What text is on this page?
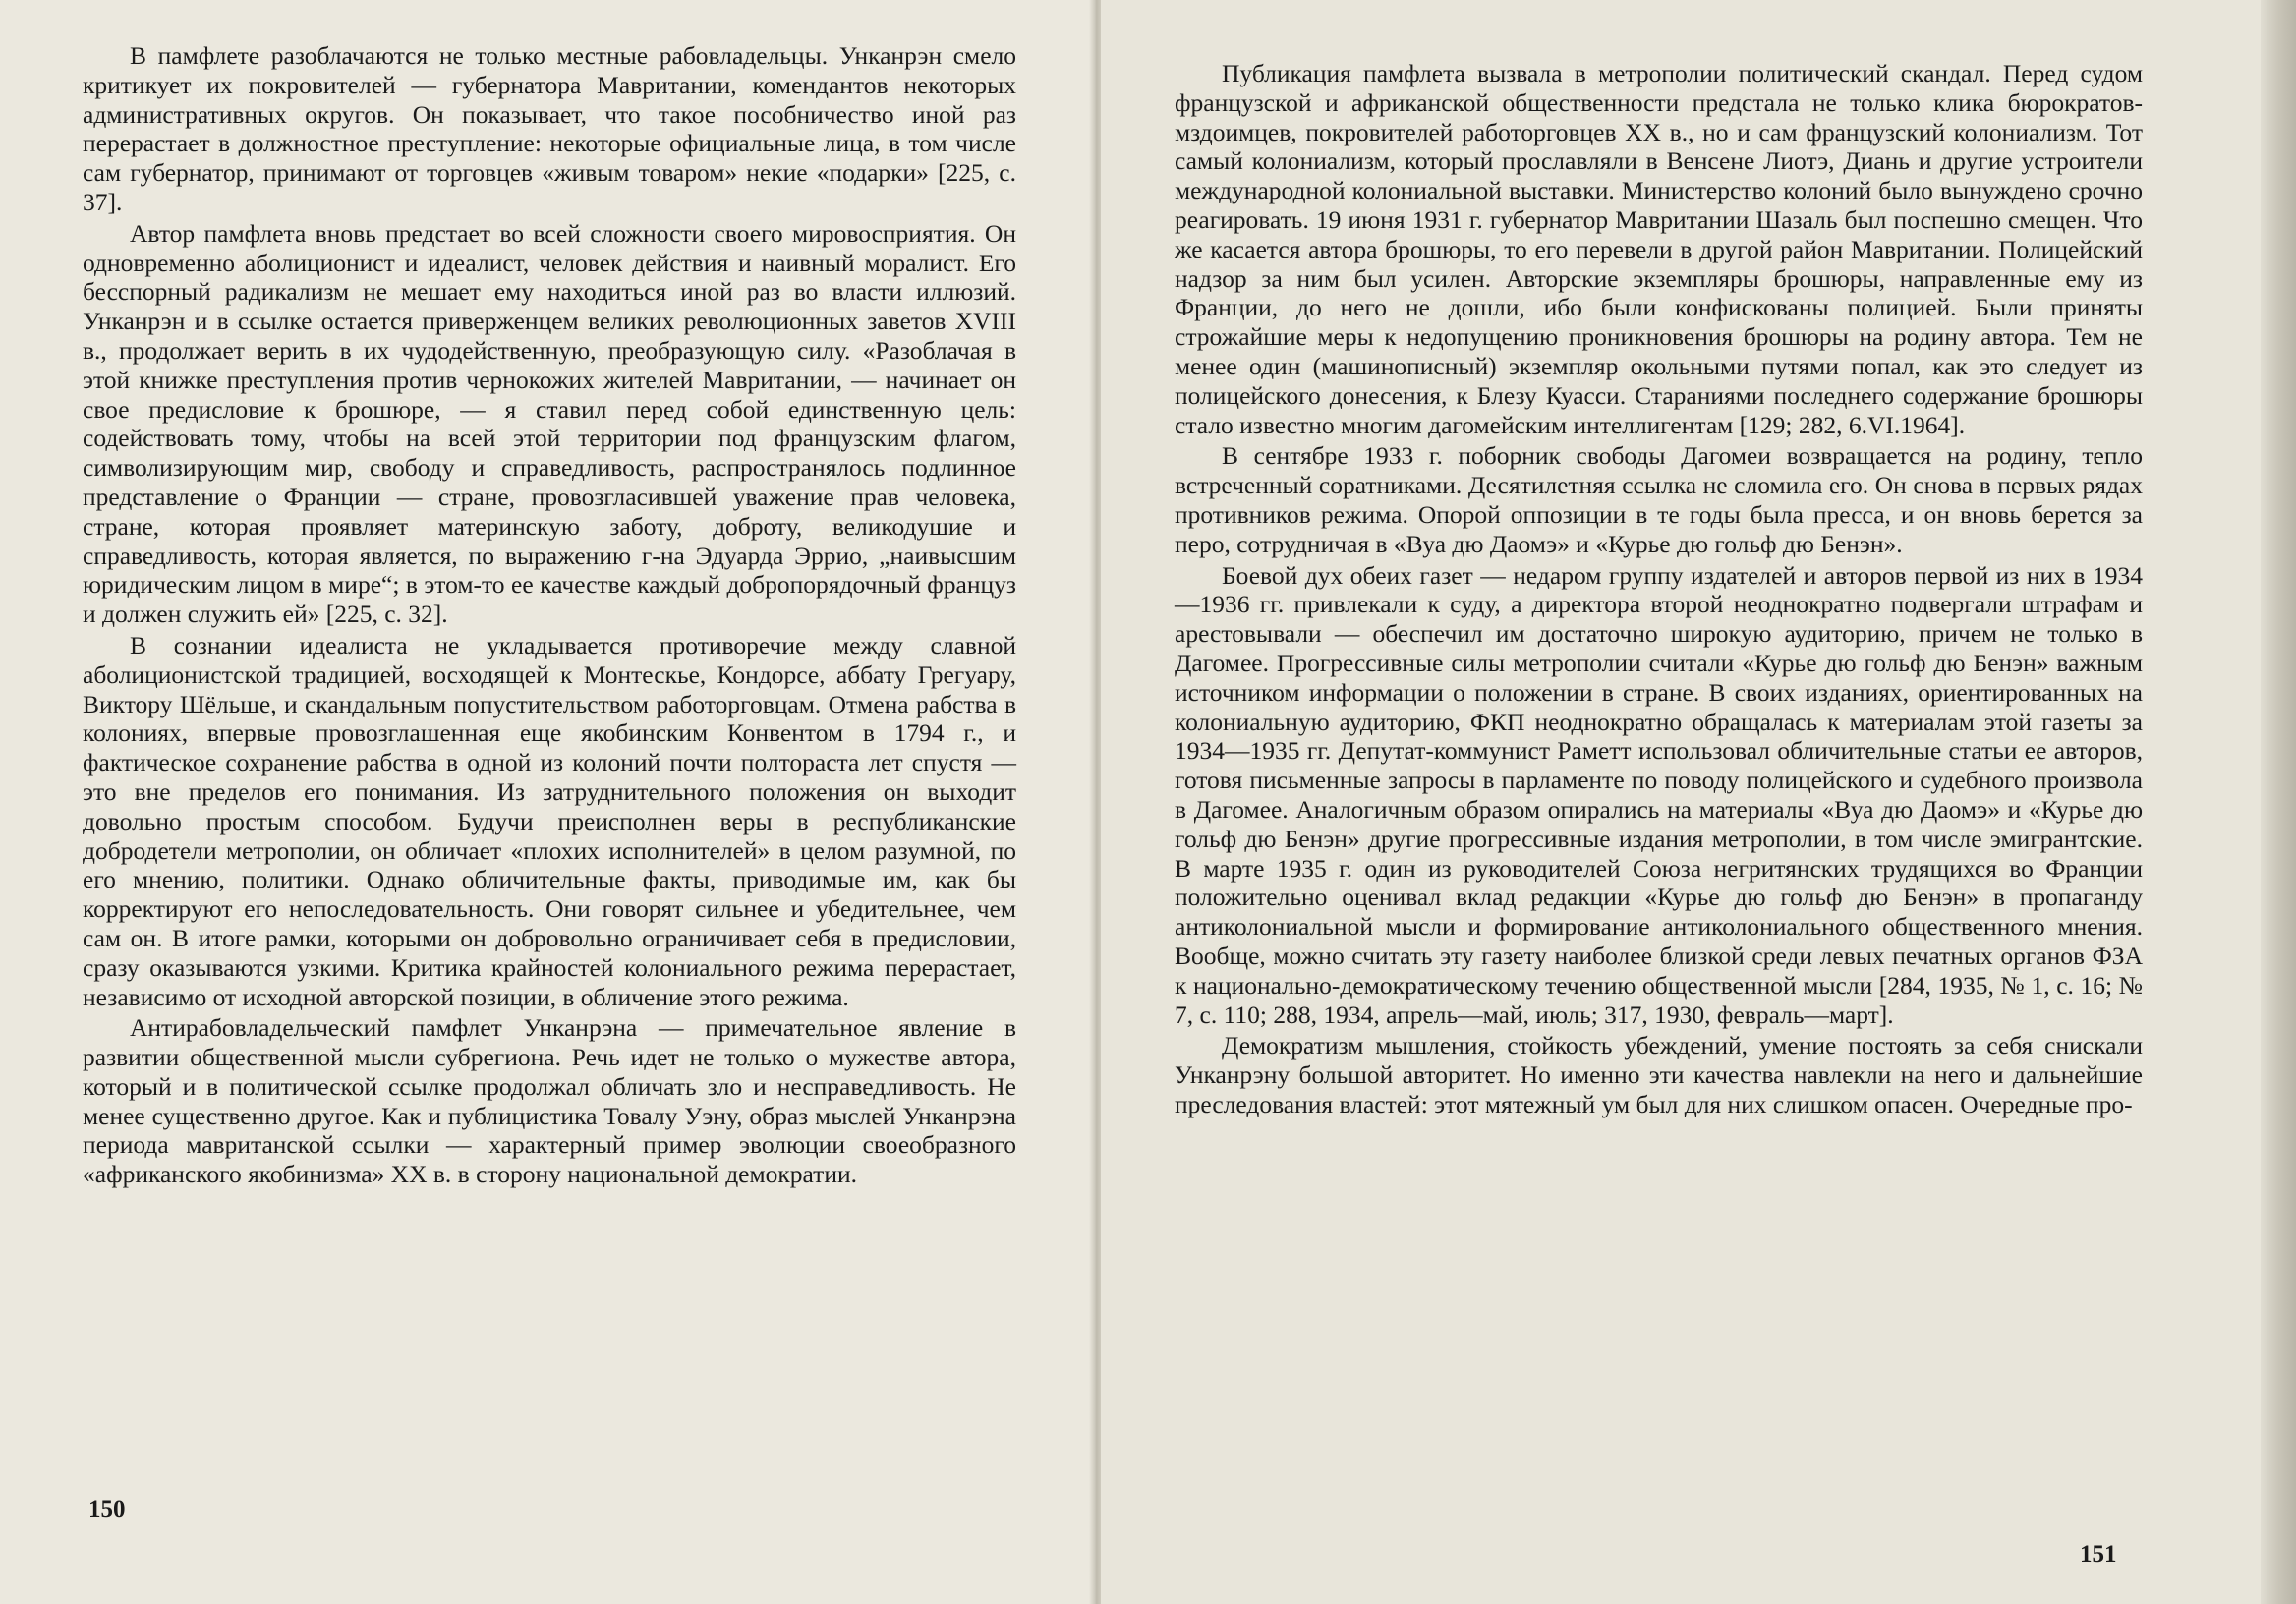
В памфлете разоблачаются не только местные рабовладельцы. Унканрэн смело критикует их покровителей — губернатора Мавритании, комендантов некоторых административных округов. Он показывает, что такое пособничество иной раз перерастает в должностное преступление: некоторые официальные лица, в том числе сам губернатор, принимают от торговцев «живым товаром» некие «подарки» [225, с. 37].

Автор памфлета вновь предстает во всей сложности своего мировосприятия. Он одновременно аболиционист и идеалист, человек действия и наивный моралист. Его бесспорный радикализм не мешает ему находиться иной раз во власти иллюзий. Унканрэн и в ссылке остается приверженцем великих революционных заветов XVIII в., продолжает верить в их чудодейственную, преобразующую силу. «Разоблачая в этой книжке преступления против чернокожих жителей Мавритании, — начинает он свое предисловие к брошюре, — я ставил перед собой единственную цель: содействовать тому, чтобы на всей этой территории под французским флагом, символизирующим мир, свободу и справедливость, распространялось подлинное представление о Франции — стране, провозгласившей уважение прав человека, стране, которая проявляет материнскую заботу, доброту, великодушие и справедливость, которая является, по выражению г-на Эдуарда Эррио, „наивысшим юридическим лицом в мире“; в этом-то ее качестве каждый добропорядочный француз и должен служить ей» [225, с. 32].

В сознании идеалиста не укладывается противоречие между славной аболиционистской традицией, восходящей к Монтескье, Кондорсе, аббату Грегуару, Виктору Шёльше, и скандальным попустительством работорговцам. Отмена рабства в колониях, впервые провозглашенная еще якобинским Конвентом в 1794 г., и фактическое сохранение рабства в одной из колоний почти полтораста лет спустя — это вне пределов его понимания. Из затруднительного положения он выходит довольно простым способом. Будучи преисполнен веры в республиканские добродетели метрополии, он обличает «плохих исполнителей» в целом разумной, по его мнению, политики. Однако обличительные факты, приводимые им, как бы корректируют его непоследовательность. Они говорят сильнее и убедительнее, чем сам он. В итоге рамки, которыми он добровольно ограничивает себя в предисловии, сразу оказываются узкими. Критика крайностей колониального режима перерастает, независимо от исходной авторской позиции, в обличение этого режима.

Антирабовладельческий памфлет Унканрэна — примечательное явление в развитии общественной мысли субрегиона. Речь идет не только о мужестве автора, который и в политической ссылке продолжал обличать зло и несправедливость. Не менее существенно другое. Как и публицистика Товалу Уэну, образ мыслей Унканрэна периода мавританской ссылки — характерный пример эволюции своеобразного «африканского якобинизма» XX в. в сторону национальной демократии.

150

Публикация памфлета вызвала в метрополии политический скандал. Перед судом французской и африканской общественности предстала не только клика бюрократов-мздоимцев, покровителей работорговцев XX в., но и сам французский колониализм. Тот самый колониализм, который прославляли в Венсене Лиотэ, Диань и другие устроители международной колониальной выставки. Министерство колоний было вынуждено срочно реагировать. 19 июня 1931 г. губернатор Мавритании Шазаль был поспешно смещен. Что же касается автора брошюры, то его перевели в другой район Мавритании. Полицейский надзор за ним был усилен. Авторские экземпляры брошюры, направленные ему из Франции, до него не дошли, ибо были конфискованы полицией. Были приняты строжайшие меры к недопущению проникновения брошюры на родину автора. Тем не менее один (машинописный) экземпляр окольными путями попал, как это следует из полицейского донесения, к Блезу Куасси. Стараниями последнего содержание брошюры стало известно многим дагомейским интеллигентам [129; 282, 6.VI.1964].

В сентябре 1933 г. поборник свободы Дагомеи возвращается на родину, тепло встреченный соратниками. Десятилетняя ссылка не сломила его. Он снова в первых рядах противников режима. Опорой оппозиции в те годы была пресса, и он вновь берется за перо, сотрудничая в «Вуа дю Даомэ» и «Курье дю гольф дю Бенэн».

Боевой дух обеих газет — недаром группу издателей и авторов первой из них в 1934—1936 гг. привлекали к суду, а директора второй неоднократно подвергали штрафам и арестовывали — обеспечил им достаточно широкую аудиторию, причем не только в Дагомее. Прогрессивные силы метрополии считали «Курье дю гольф дю Бенэн» важным источником информации о положении в стране. В своих изданиях, ориентированных на колониальную аудиторию, ФКП неоднократно обращалась к материалам этой газеты за 1934—1935 гг. Депутат-коммунист Раметт использовал обличительные статьи ее авторов, готовя письменные запросы в парламенте по поводу полицейского и судебного произвола в Дагомее. Аналогичным образом опирались на материалы «Вуа дю Даомэ» и «Курье дю гольф дю Бенэн» другие прогрессивные издания метрополии, в том числе эмигрантские. В марте 1935 г. один из руководителей Союза негритянских трудящихся во Франции положительно оценивал вклад редакции «Курье дю гольф дю Бенэн» в пропаганду антиколониальной мысли и формирование антиколониального общественного мнения. Вообще, можно считать эту газету наиболее близкой среди левых печатных органов ФЗА к национально-демократическому течению общественной мысли [284, 1935, № 1, с. 16; № 7, с. 110; 288, 1934, апрель—май, июль; 317, 1930, февраль—март].

Демократизм мышления, стойкость убеждений, умение постоять за себя снискали Унканрэну большой авторитет. Но именно эти качества навлекли на него и дальнейшие преследования властей: этот мятежный ум был для них слишком опасен. Очередные про-

151
